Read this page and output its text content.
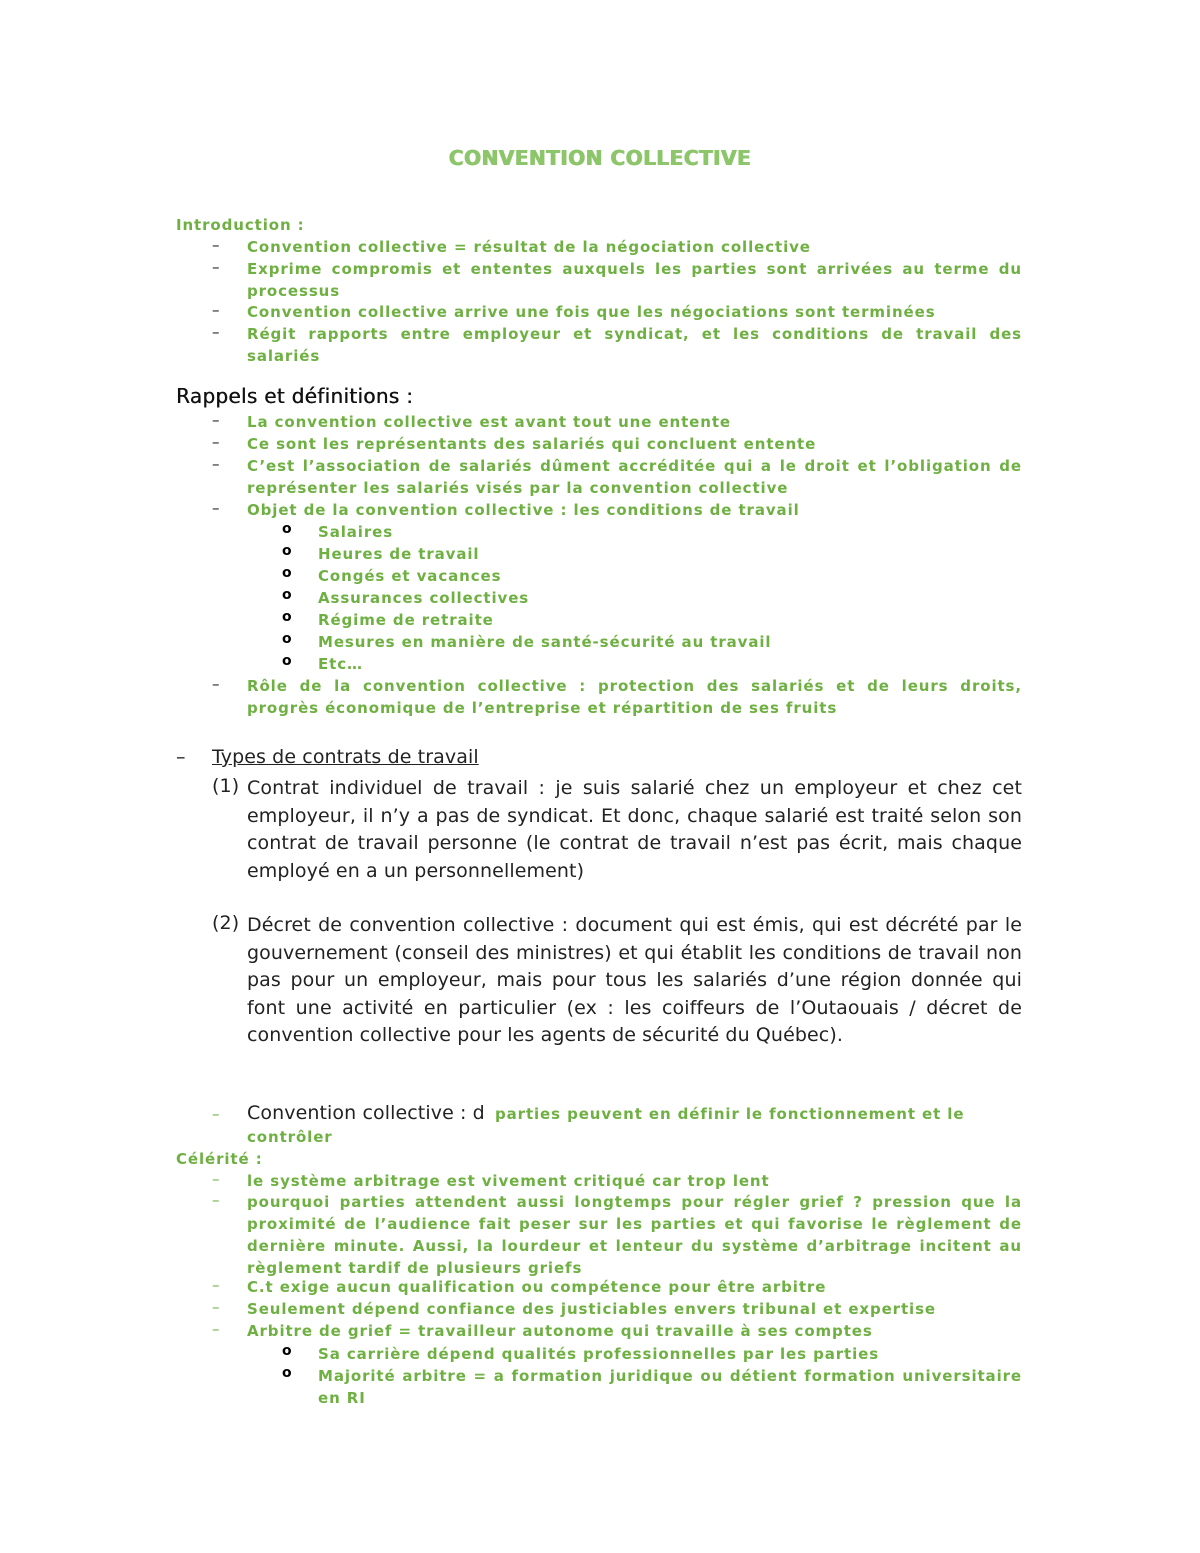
CONVENTION COLLECTIVE

Introduction :

– Convention collective = résultat de la négociation collective
– Exprime compromis et ententes auxquels les parties sont arrivées au terme du processus
– Convention collective arrive une fois que les négociations sont terminées
– Régit rapports entre employeur et syndicat, et les conditions de travail des salariés
Rappels et définitions :
– La convention collective est avant tout une entente
– Ce sont les représentants des salariés qui concluent entente
– C’est l’association de salariés dûment accréditée qui a le droit et l’obligation de représenter les salariés visés par la convention collective
– Objet de la convention collective : les conditions de travail
o Salaires
o Heures de travail
o Congés et vacances
o Assurances collectives
o Régime de retraite
o Mesures en manière de santé-sécurité au travail
o Etc…
– Rôle de la convention collective : protection des salariés et de leurs droits, progrès économique de l’entreprise et répartition de ses fruits
– Types de contrats de travail
(1) Contrat individuel de travail : je suis salarié chez un employeur et chez cet employeur, il n’y a pas de syndicat. Et donc, chaque salarié est traité selon son contrat de travail personne (le contrat de travail n’est pas écrit, mais chaque employé en a un personnellement)
(2) Décret de convention collective : document qui est émis, qui est décrété par le gouvernement (conseil des ministres) et qui établit les conditions de travail non pas pour un employeur, mais pour tous les salariés d’une région donnée qui font une activité en particulier (ex : les coiffeurs de l’Outaouais / décret de convention collective pour les agents de sécurité du Québec).
– Convention collective : d parties peuvent en définir le fonctionnement et le
contrôler

Célérité :

– le système arbitrage est vivement critiqué car trop lent
– pourquoi parties attendent aussi longtemps pour régler grief ? pression que la proximité de l’audience fait peser sur les parties et qui favorise le règlement de dernière minute. Aussi, la lourdeur et lenteur du système d’arbitrage incitent au règlement tardif de plusieurs griefs
– C.t exige aucun qualification ou compétence pour être arbitre
– Seulement dépend confiance des justiciables envers tribunal et expertise
– Arbitre de grief = travailleur autonome qui travaille à ses comptes
o Sa carrière dépend qualités professionnelles par les parties
o Majorité arbitre = a formation juridique ou détient formation universitaire en RI
